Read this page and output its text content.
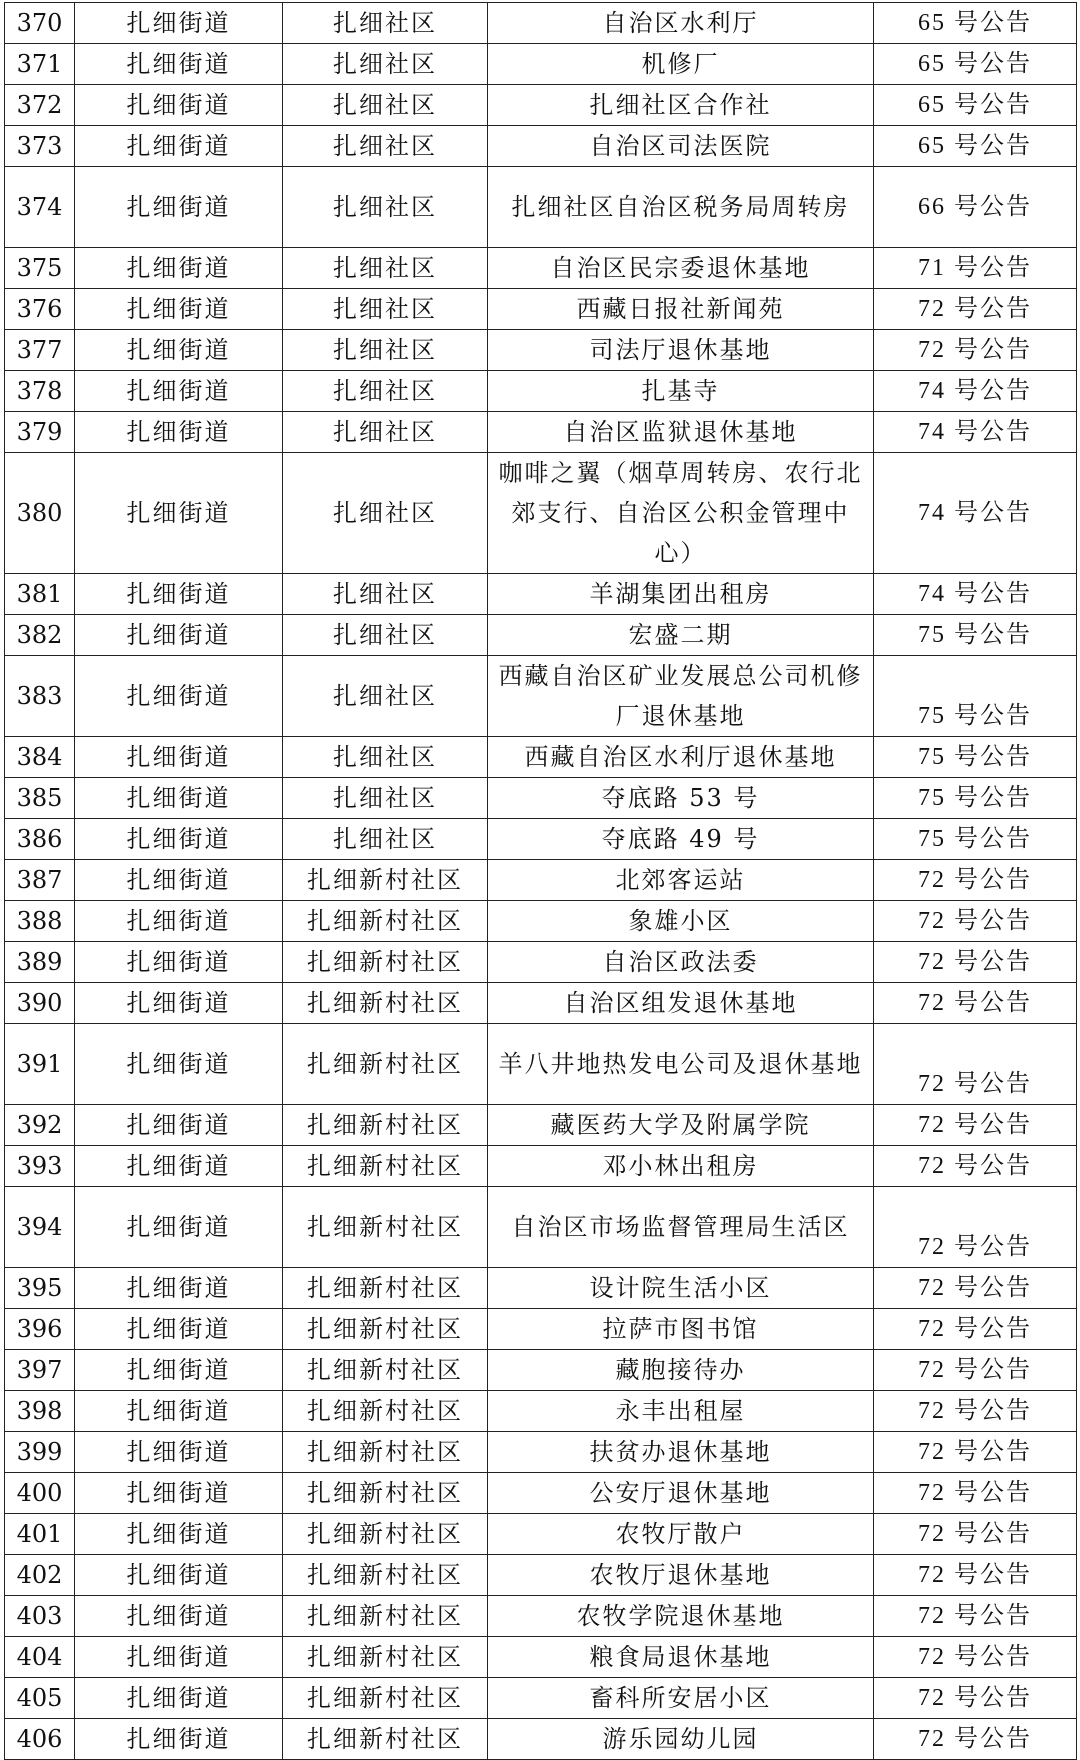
370	扎细街道	扎细社区	自治区水利厅	65 号公告
371	扎细街道	扎细社区	机修厂	65 号公告
372	扎细街道	扎细社区	扎细社区合作社	65 号公告
373	扎细街道	扎细社区	自治区司法医院	65 号公告
374	扎细街道	扎细社区	扎细社区自治区税务局周转房	66 号公告
375	扎细街道	扎细社区	自治区民宗委退休基地	71 号公告
376	扎细街道	扎细社区	西藏日报社新闻苑	72 号公告
377	扎细街道	扎细社区	司法厅退休基地	72 号公告
378	扎细街道	扎细社区	扎基寺	74 号公告
379	扎细街道	扎细社区	自治区监狱退休基地	74 号公告
380	扎细街道	扎细社区	咖啡之翼（烟草周转房、农行北郊支行、自治区公积金管理中心）	74 号公告
381	扎细街道	扎细社区	羊湖集团出租房	74 号公告
382	扎细街道	扎细社区	宏盛二期	75 号公告
383	扎细街道	扎细社区	西藏自治区矿业发展总公司机修厂退休基地	75 号公告
384	扎细街道	扎细社区	西藏自治区水利厅退休基地	75 号公告
385	扎细街道	扎细社区	夺底路 53 号	75 号公告
386	扎细街道	扎细社区	夺底路 49 号	75 号公告
387	扎细街道	扎细新村社区	北郊客运站	72 号公告
388	扎细街道	扎细新村社区	象雄小区	72 号公告
389	扎细街道	扎细新村社区	自治区政法委	72 号公告
390	扎细街道	扎细新村社区	自治区组发退休基地	72 号公告
391	扎细街道	扎细新村社区	羊八井地热发电公司及退休基地	72 号公告
392	扎细街道	扎细新村社区	藏医药大学及附属学院	72 号公告
393	扎细街道	扎细新村社区	邓小林出租房	72 号公告
394	扎细街道	扎细新村社区	自治区市场监督管理局生活区	72 号公告
395	扎细街道	扎细新村社区	设计院生活小区	72 号公告
396	扎细街道	扎细新村社区	拉萨市图书馆	72 号公告
397	扎细街道	扎细新村社区	藏胞接待办	72 号公告
398	扎细街道	扎细新村社区	永丰出租屋	72 号公告
399	扎细街道	扎细新村社区	扶贫办退休基地	72 号公告
400	扎细街道	扎细新村社区	公安厅退休基地	72 号公告
401	扎细街道	扎细新村社区	农牧厅散户	72 号公告
402	扎细街道	扎细新村社区	农牧厅退休基地	72 号公告
403	扎细街道	扎细新村社区	农牧学院退休基地	72 号公告
404	扎细街道	扎细新村社区	粮食局退休基地	72 号公告
405	扎细街道	扎细新村社区	畜科所安居小区	72 号公告
406	扎细街道	扎细新村社区	游乐园幼儿园	72 号公告
